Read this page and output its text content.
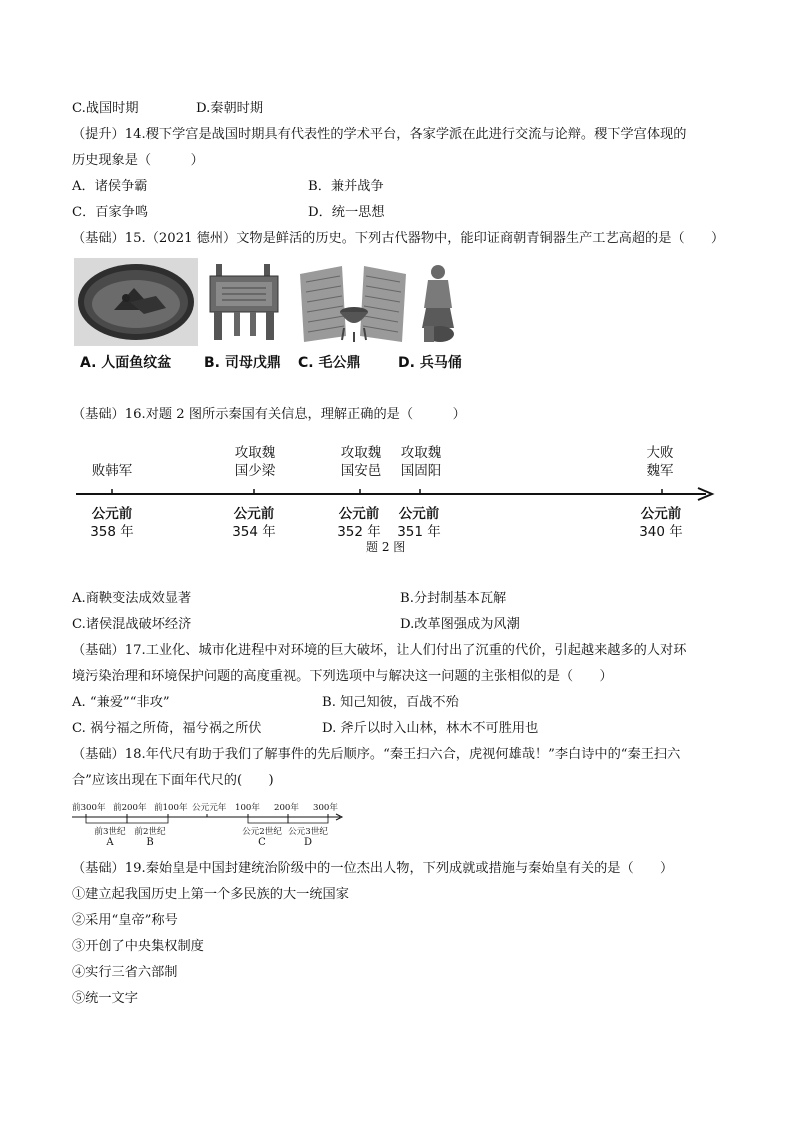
C.战国时期	D.秦朝时期
（提升）14.稷下学宫是战国时期具有代表性的学术平台，各家学派在此进行交流与论辩。稷下学宫体现的
历史现象是（　　　）
A．诸侯争霸	B．兼并战争
C．百家争鸣	D．统一思想
（基础）15.（2021 德州）文物是鲜活的历史。下列古代器物中，能印证商朝青铜器生产工艺高超的是（　　）
A. 人面鱼纹盆 B. 司母戊鼎 C. 毛公鼎	D. 兵马俑
（基础）16.对题 2 图所示秦国有关信息，理解正确的是（　　　）
败韩军
攻取魏
国少梁
攻取魏
国安邑
攻取魏
国固阳
大败
魏军
公元前
358 年
公元前
354 年
公元前
352 年
公元前
351 年
公元前
340 年
题 2 图
A.商鞅变法成效显著	B.分封制基本瓦解
C.诸侯混战破坏经济	D.改革图强成为风潮
（基础）17.工业化、城市化进程中对环境的巨大破坏，让人们付出了沉重的代价，引起越来越多的人对环
境污染治理和环境保护问题的高度重视。下列选项中与解决这一问题的主张相似的是（　　）
A. “兼爱”“非攻”	B. 知己知彼，百战不殆
C. 祸兮福之所倚，福兮祸之所伏	D. 斧斤以时入山林，林木不可胜用也
（基础）18.年代尺有助于我们了解事件的先后顺序。“秦王扫六合，虎视何雄哉！”李白诗中的“秦王扫六
合”应该出现在下面年代尺的(　　)
前300年 前200年 前100年 公元元年 100年 200年 300年
前3世纪
A
前2世纪
B
公元2世纪
C
公元3世纪
D
（基础）19.秦始皇是中国封建统治阶级中的一位杰出人物，下列成就或措施与秦始皇有关的是（　　）
①建立起我国历史上第一个多民族的大一统国家
②采用“皇帝”称号
③开创了中央集权制度
④实行三省六部制
⑤统一文字
